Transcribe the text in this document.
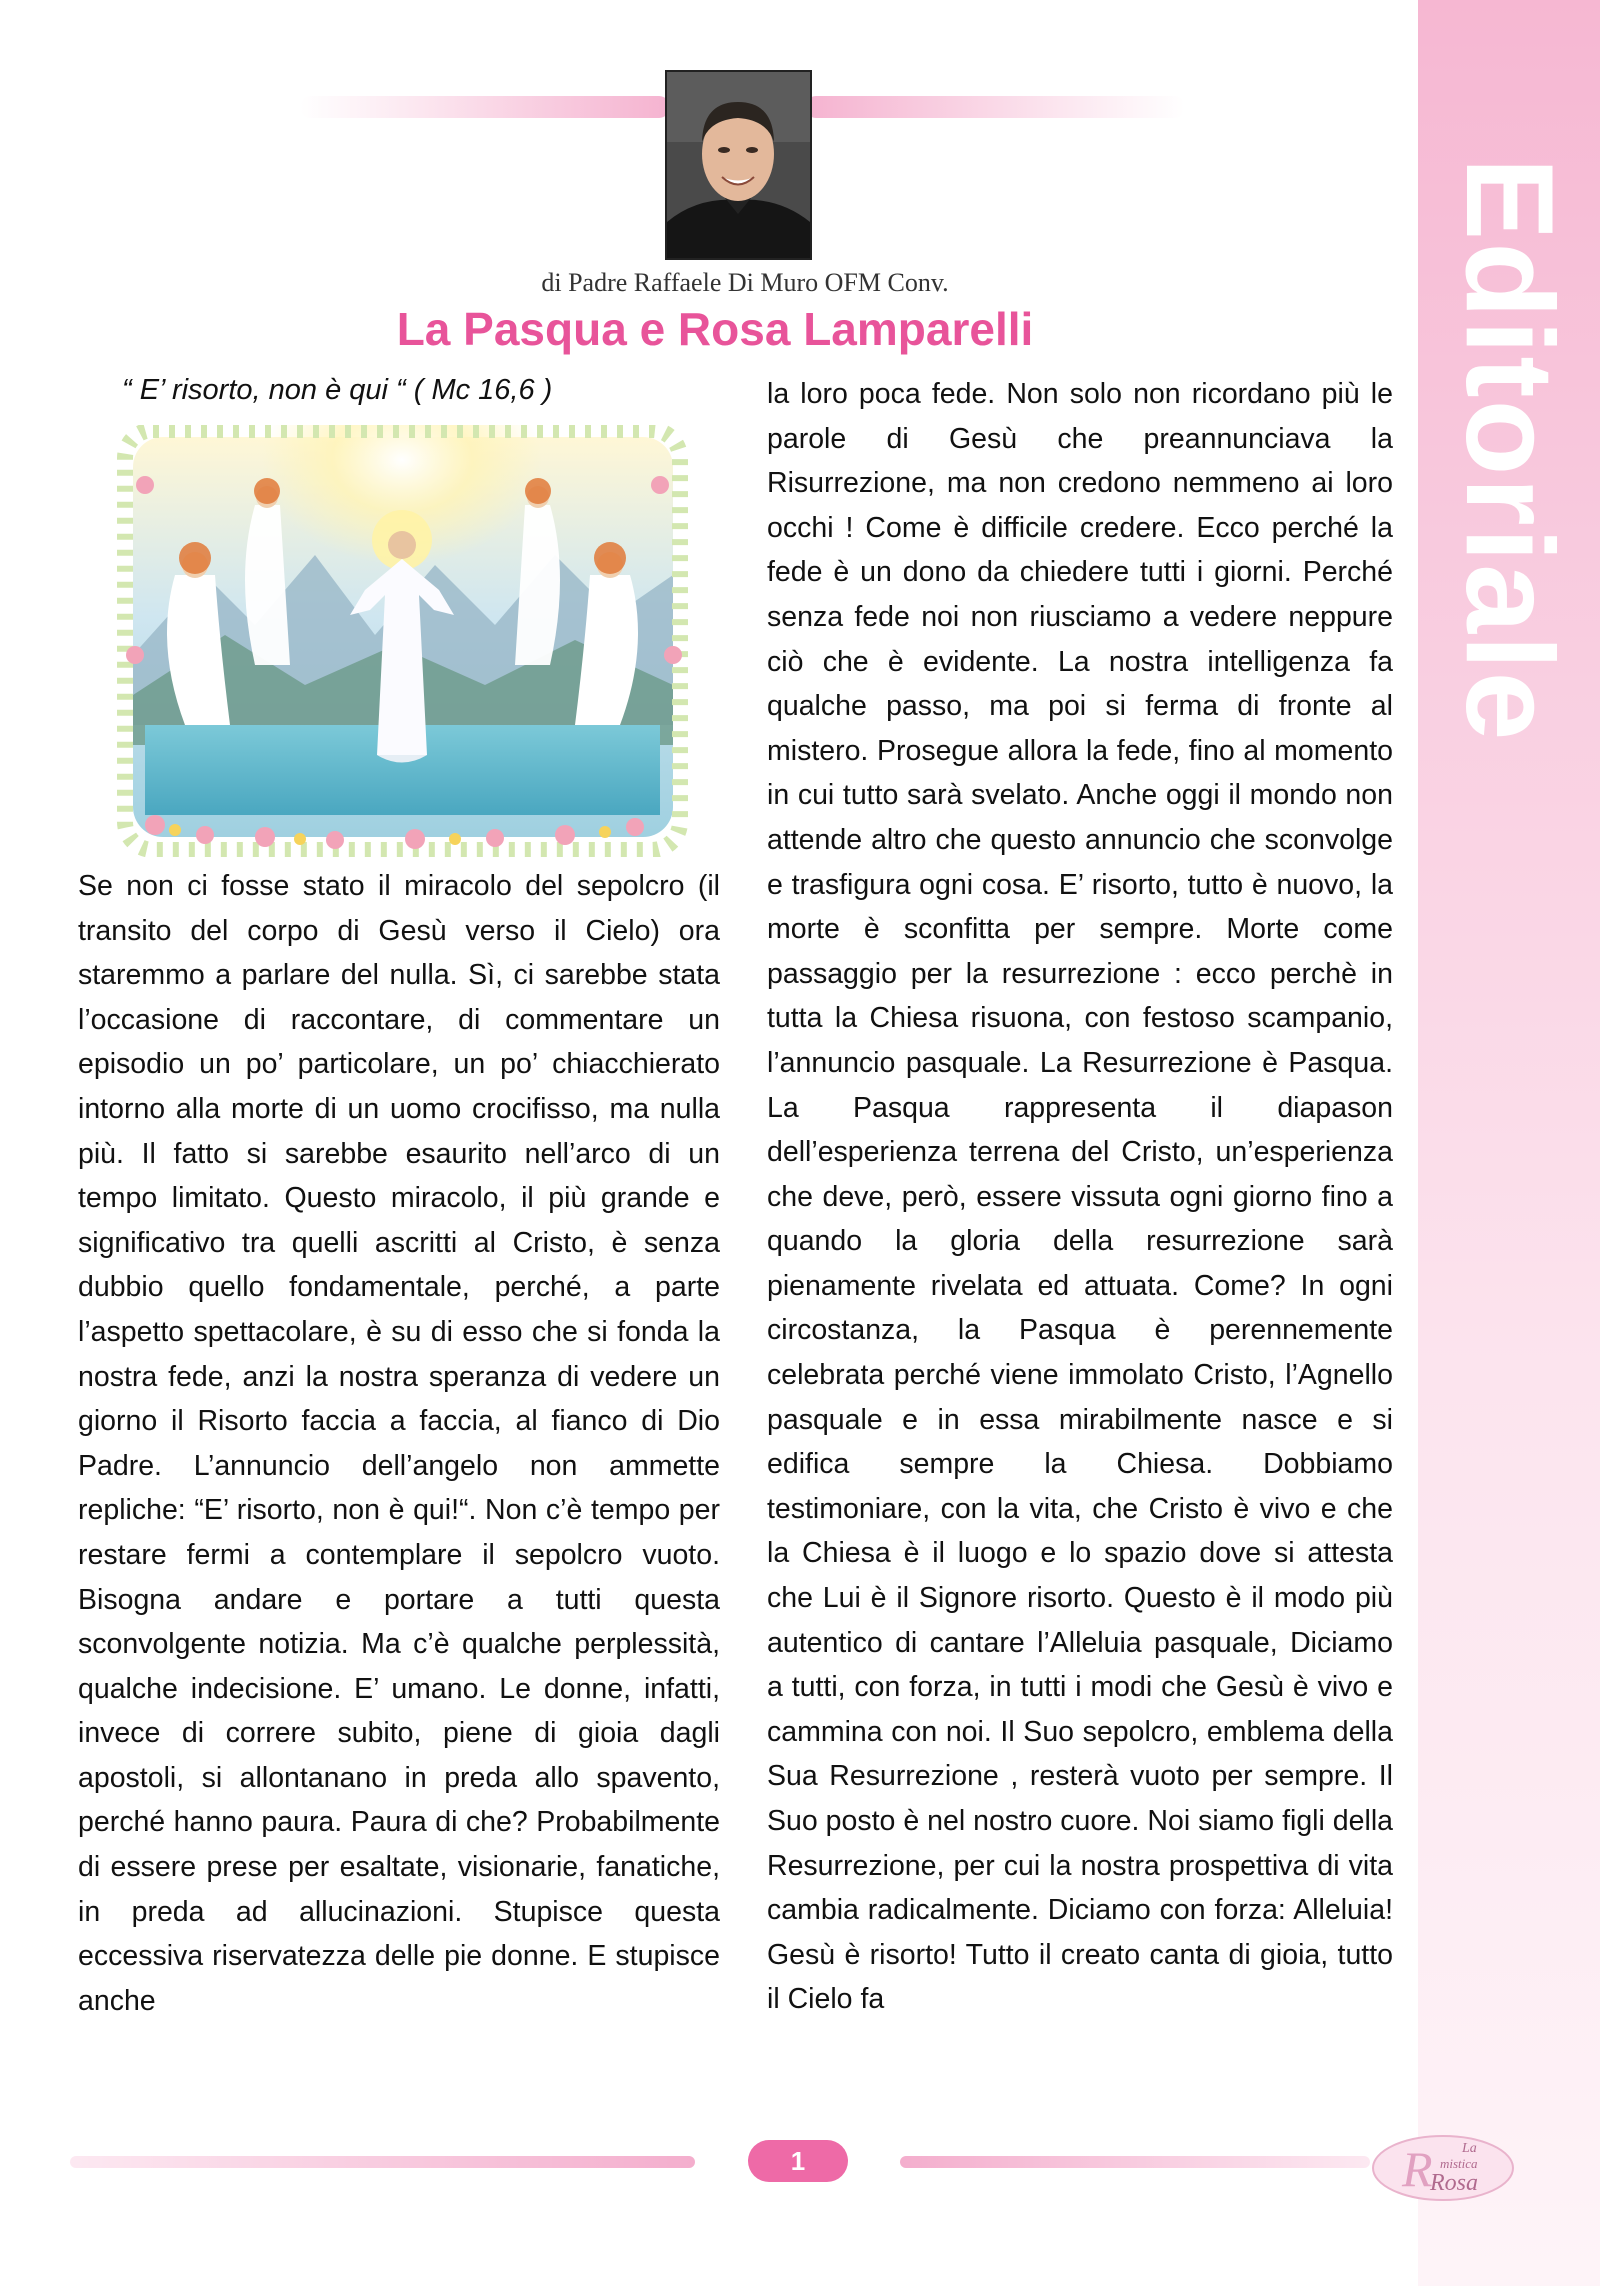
Editoriale
di Padre Raffaele Di Muro OFM Conv.
La Pasqua e Rosa Lamparelli
“ E’ risorto, non è qui “ ( Mc 16,6 )
Se non ci fosse stato il miracolo del sepolcro (il transito del corpo di Gesù verso il Cielo) ora staremmo a parlare del nulla. Sì, ci sarebbe stata l’occasione di raccontare, di commentare un episodio un po’ particolare, un po’ chiacchierato intorno alla morte di un uomo crocifisso, ma nulla più. Il fatto si sarebbe esaurito nell’arco di un tempo limitato. Questo miracolo, il più grande e significativo tra quelli ascritti al Cristo, è senza dubbio quello fondamentale, perché, a parte l’aspetto spettacolare, è su di esso che si fonda la nostra fede, anzi la nostra speranza di vedere un giorno il Risorto faccia a faccia, al fianco di Dio Padre. L’annuncio dell’angelo non ammette repliche: “E’ risorto, non è qui!“. Non c’è tempo per restare fermi a contemplare il sepolcro vuoto. Bisogna andare e portare a tutti questa sconvolgente notizia. Ma c’è qualche perplessità, qualche indecisione. E’ umano. Le donne, infatti, invece di correre subito, piene di gioia dagli apostoli, si allontanano in preda allo spavento, perché hanno paura. Paura di che? Probabilmente di essere prese per esaltate, visionarie, fanatiche, in preda ad allucinazioni. Stupisce questa eccessiva riservatezza delle pie donne. E stupisce anche
la loro poca fede. Non solo non ricordano più le parole di Gesù che preannunciava la Risurrezione, ma non credono nemmeno ai loro occhi ! Come è difficile credere. Ecco perché la fede è un dono da chiedere tutti i giorni. Perché senza fede noi non riusciamo a vedere neppure ciò che è evidente. La nostra intelligenza fa qualche passo, ma poi si ferma di fronte al mistero. Prosegue allora la fede, fino al momento in cui tutto sarà svelato. Anche oggi il mondo non attende altro che questo annuncio che sconvolge e trasfigura ogni cosa. E’ risorto, tutto è nuovo, la morte è sconfitta per sempre. Morte come passaggio per la resurrezione : ecco perchè in tutta la Chiesa risuona, con festoso scampanio, l’annuncio pasquale. La Resurrezione è Pasqua. La Pasqua rappresenta il diapason dell’esperienza terrena del Cristo, un’esperienza che deve, però, essere vissuta ogni giorno fino a quando la gloria della resurrezione sarà pienamente rivelata ed attuata. Come? In ogni circostanza, la Pasqua è perennemente celebrata perché viene immolato Cristo, l’Agnello pasquale e in essa mirabilmente nasce e si edifica sempre la Chiesa. Dobbiamo testimoniare, con la vita, che Cristo è vivo e che la Chiesa è il luogo e lo spazio dove si attesta che Lui è il Signore risorto. Questo è il modo più autentico di cantare l’Alleluia pasquale, Diciamo a tutti, con forza, in tutti i modi che Gesù è vivo e cammina con noi. Il Suo sepolcro, emblema della Sua Resurrezione , resterà vuoto per sempre. Il Suo posto è nel nostro cuore. Noi siamo figli della Resurrezione, per cui la nostra prospettiva di vita cambia radicalmente. Diciamo con forza: Alleluia! Gesù è risorto! Tutto il creato canta di gioia, tutto il Cielo fa
1	R La
mistica
Rosa
